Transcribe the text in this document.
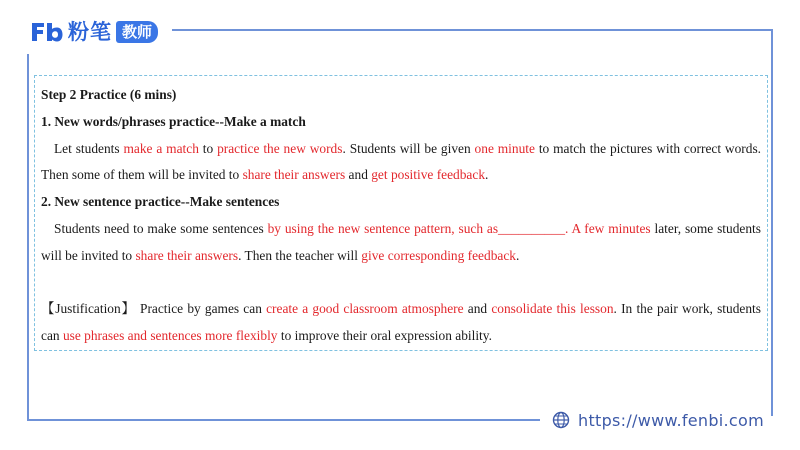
粉笔 教师

Step 2 Practice (6 mins)

1. New words/phrases practice--Make a match

Let students make a match to practice the new words. Students will be given one minute to match the pictures with correct words. Then some of them will be invited to share their answers and get positive feedback.

2. New sentence practice--Make sentences

Students need to make some sentences by using the new sentence pattern, such as__________. A few minutes later, some students will be invited to share their answers. Then the teacher will give corresponding feedback.

【Justification】 Practice by games can create a good classroom atmosphere and consolidate this lesson. In the pair work, students can use phrases and sentences more flexibly to improve their oral expression ability.

https://www.fenbi.com
